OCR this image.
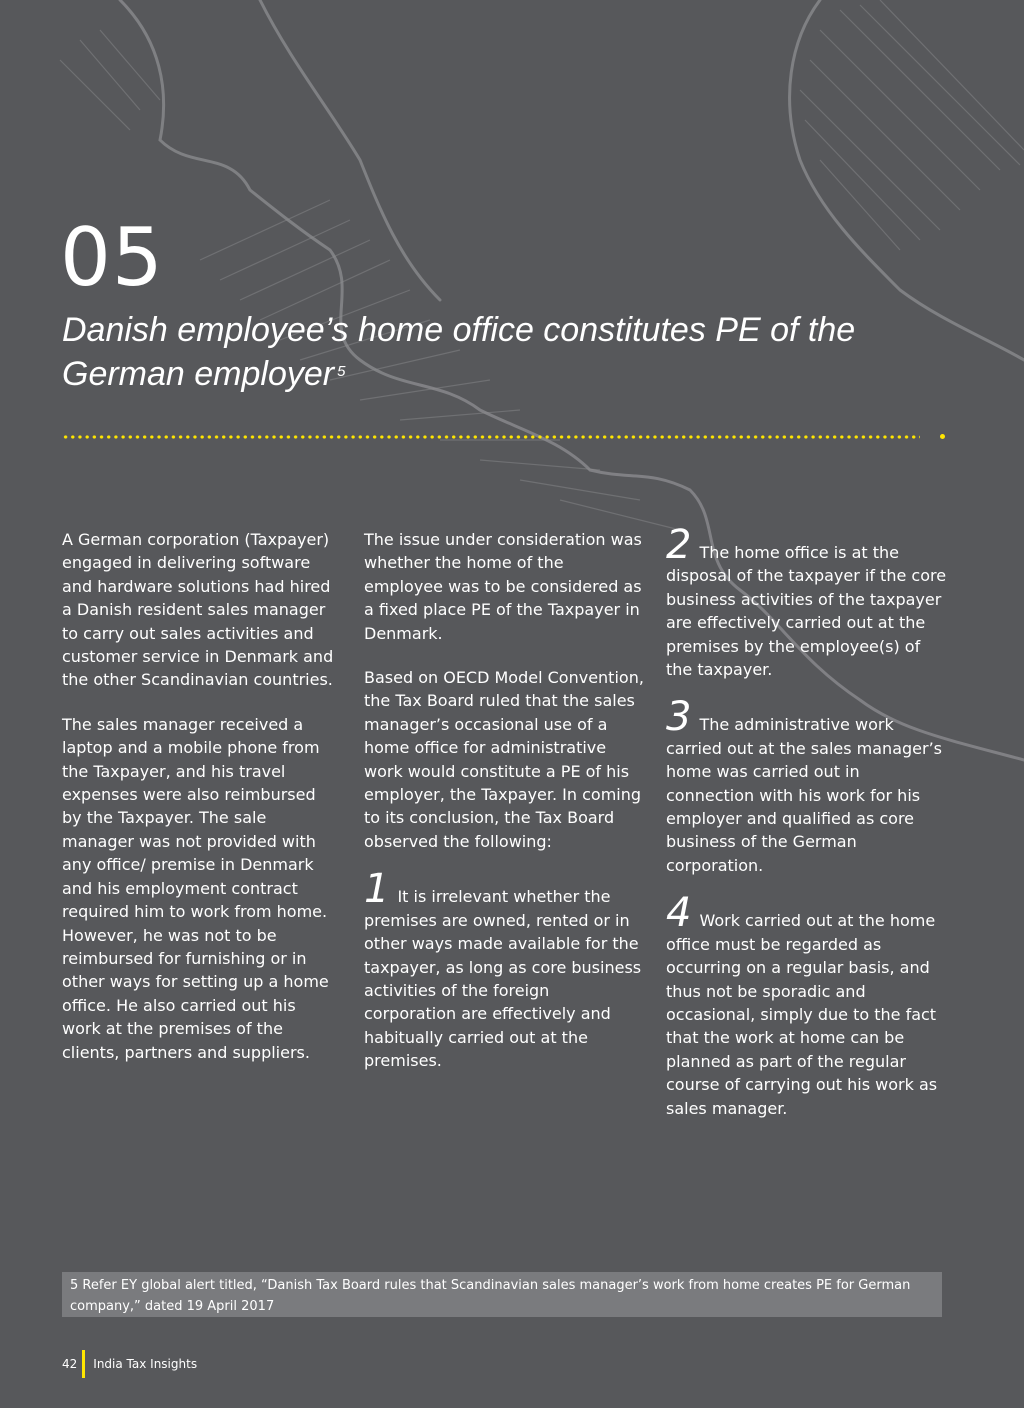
05
Danish employee’s home office constitutes PE of the German employer $^5$

A German corporation (Taxpayer) engaged in delivering software and hardware solutions had hired a Danish resident sales manager to carry out sales activities and customer service in Denmark and the other Scandinavian countries.

The sales manager received a laptop and a mobile phone from the Taxpayer, and his travel expenses were also reimbursed by the Taxpayer. The sale manager was not provided with any office/ premise in Denmark and his employment contract required him to work from home. However, he was not to be reimbursed for furnishing or in other ways for setting up a home office. He also carried out his work at the premises of the clients, partners and suppliers.

The issue under consideration was whether the home of the employee was to be considered as a fixed place PE of the Taxpayer in Denmark.

Based on OECD Model Convention, the Tax Board ruled that the sales manager’s occasional use of a home office for administrative work would constitute a PE of his employer, the Taxpayer. In coming to its conclusion, the Tax Board observed the following:

1 It is irrelevant whether the premises are owned, rented or in other ways made available for the taxpayer, as long as core business activities of the foreign corporation are effectively and habitually carried out at the premises.

2 The home office is at the disposal of the taxpayer if the core business activities of the taxpayer are effectively carried out at the premises by the employee(s) of the taxpayer.

3 The administrative work carried out at the sales manager’s home was carried out in connection with his work for his employer and qualified as core business of the German corporation.

4 Work carried out at the home office must be regarded as occurring on a regular basis, and thus not be sporadic and occasional, simply due to the fact that the work at home can be planned as part of the regular course of carrying out his work as sales manager.

5 Refer EY global alert titled, “Danish Tax Board rules that Scandinavian sales manager’s work from home creates PE for German company,” dated 19 April 2017
42 India Tax Insights
